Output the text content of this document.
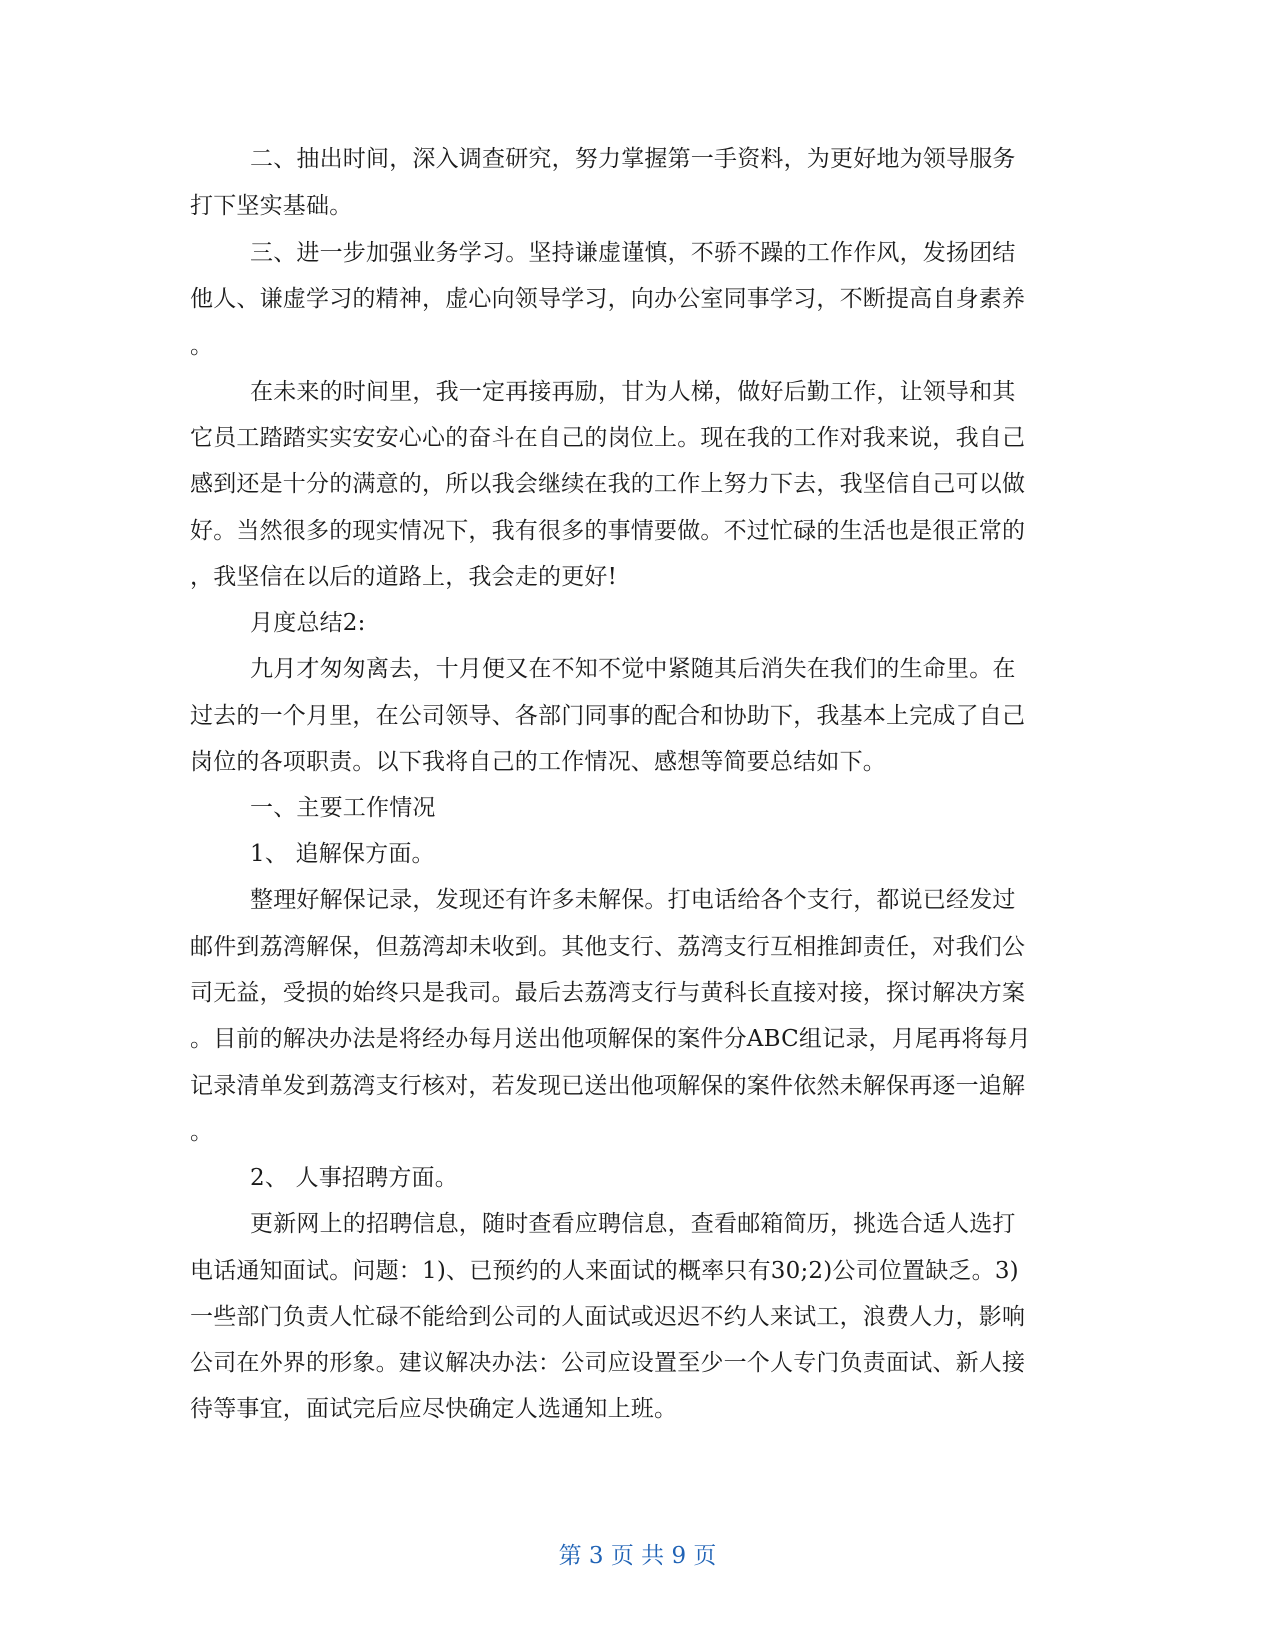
二、抽出时间，深入调查研究，努力掌握第一手资料，为更好地为领导服务
打下坚实基础。
三、进一步加强业务学习。坚持谦虚谨慎，不骄不躁的工作作风，发扬团结
他人、谦虚学习的精神，虚心向领导学习，向办公室同事学习，不断提高自身素养
。
在未来的时间里，我一定再接再励，甘为人梯，做好后勤工作，让领导和其
它员工踏踏实实安安心心的奋斗在自己的岗位上。现在我的工作对我来说，我自己
感到还是十分的满意的，所以我会继续在我的工作上努力下去，我坚信自己可以做
好。当然很多的现实情况下，我有很多的事情要做。不过忙碌的生活也是很正常的
，我坚信在以后的道路上，我会走的更好!
月度总结2:
九月才匆匆离去，十月便又在不知不觉中紧随其后消失在我们的生命里。在
过去的一个月里，在公司领导、各部门同事的配合和协助下，我基本上完成了自己
岗位的各项职责。以下我将自己的工作情况、感想等简要总结如下。
一、主要工作情况
1、 追解保方面。
整理好解保记录，发现还有许多未解保。打电话给各个支行，都说已经发过
邮件到荔湾解保，但荔湾却未收到。其他支行、荔湾支行互相推卸责任，对我们公
司无益，受损的始终只是我司。最后去荔湾支行与黄科长直接对接，探讨解决方案
。目前的解决办法是将经办每月送出他项解保的案件分ABC组记录，月尾再将每月
记录清单发到荔湾支行核对，若发现已送出他项解保的案件依然未解保再逐一追解
。
2、 人事招聘方面。
更新网上的招聘信息，随时查看应聘信息，查看邮箱简历，挑选合适人选打
电话通知面试。问题：1)、已预约的人来面试的概率只有30;2)公司位置缺乏。3)
一些部门负责人忙碌不能给到公司的人面试或迟迟不约人来试工，浪费人力，影响
公司在外界的形象。建议解决办法：公司应设置至少一个人专门负责面试、新人接
待等事宜，面试完后应尽快确定人选通知上班。
第 3 页 共 9 页
